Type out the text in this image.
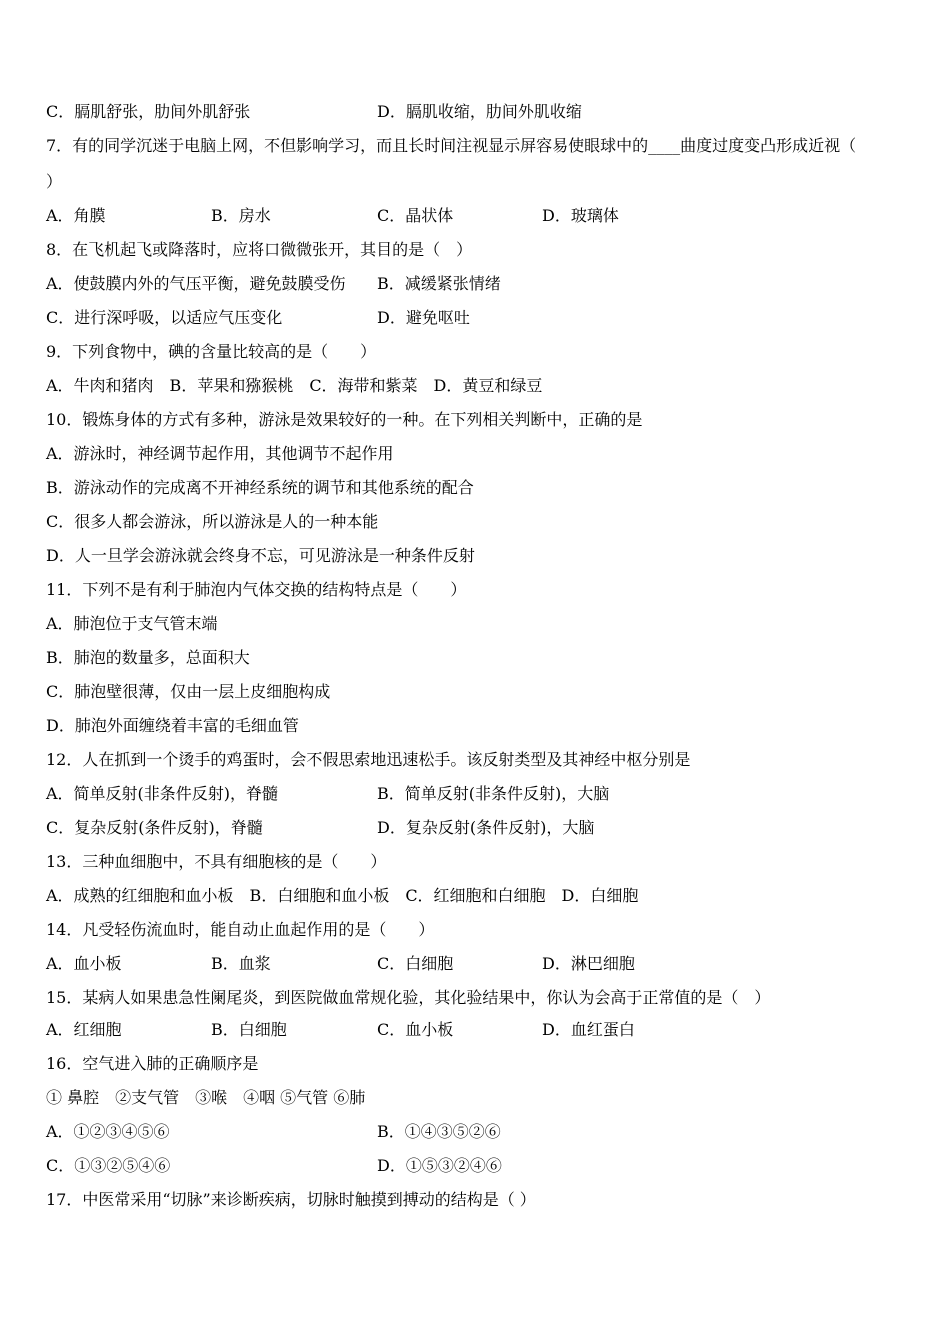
C．膈肌舒张，肋间外肌舒张	D．膈肌收缩，肋间外肌收缩
7．有的同学沉迷于电脑上网，不但影响学习，而且长时间注视显示屏容易使眼球中的____曲度过度变凸形成近视（
）
A．角膜	B．房水	C．晶状体	D．玻璃体
8．在飞机起飞或降落时，应将口微微张开，其目的是（　）
A．使鼓膜内外的气压平衡，避免鼓膜受伤 B．减缓紧张情绪
C．进行深呼吸，以适应气压变化	D．避免呕吐
9．下列食物中，碘的含量比较高的是（　　）
A．牛肉和猪肉　B．苹果和猕猴桃　C．海带和紫菜　D．黄豆和绿豆
10．锻炼身体的方式有多种，游泳是效果较好的一种。在下列相关判断中，正确的是
A．游泳时，神经调节起作用，其他调节不起作用
B．游泳动作的完成离不开神经系统的调节和其他系统的配合
C．很多人都会游泳，所以游泳是人的一种本能
D．人一旦学会游泳就会终身不忘，可见游泳是一种条件反射
11．下列不是有利于肺泡内气体交换的结构特点是（　　）
A．肺泡位于支气管末端
B．肺泡的数量多，总面积大
C．肺泡壁很薄，仅由一层上皮细胞构成
D．肺泡外面缠绕着丰富的毛细血管
12．人在抓到一个烫手的鸡蛋时，会不假思索地迅速松手。该反射类型及其神经中枢分别是
A．简单反射(非条件反射)，脊髓	B．简单反射(非条件反射)，大脑
C．复杂反射(条件反射)，脊髓	D．复杂反射(条件反射)，大脑
13．三种血细胞中，不具有细胞核的是（　　）
A．成熟的红细胞和血小板　B．白细胞和血小板　C．红细胞和白细胞　D．白细胞
14．凡受轻伤流血时，能自动止血起作用的是（　　）
A．血小板	B．血浆	C．白细胞	D．淋巴细胞
15．某病人如果患急性阑尾炎，到医院做血常规化验，其化验结果中，你认为会高于正常值的是（　）
A．红细胞	B．白细胞	C．血小板	D．血红蛋白
16．空气进入肺的正确顺序是
① 鼻腔　②支气管　③喉　④咽 ⑤气管 ⑥肺
A．①②③④⑤⑥	B．①④③⑤②⑥
C．①③②⑤④⑥	D．①⑤③②④⑥
17．中医常采用“切脉”来诊断疾病，切脉时触摸到搏动的结构是（ ）
